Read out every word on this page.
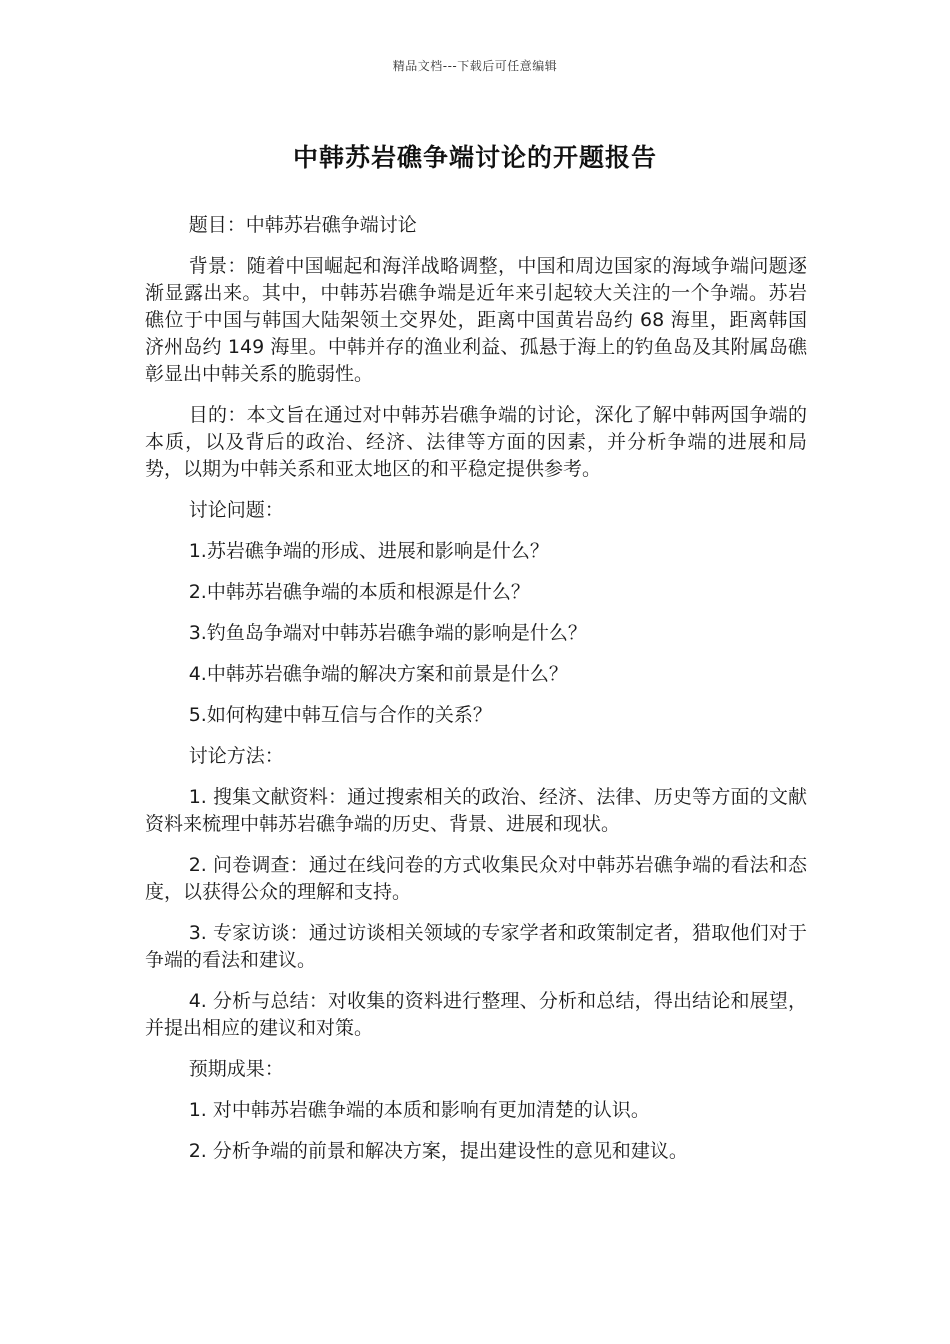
精品文档---下载后可任意编辑
中韩苏岩礁争端讨论的开题报告

题目：中韩苏岩礁争端讨论

背景：随着中国崛起和海洋战略调整，中国和周边国家的海域争端问题逐渐显露出来。其中，中韩苏岩礁争端是近年来引起较大关注的一个争端。苏岩礁位于中国与韩国大陆架领土交界处，距离中国黄岩岛约 68 海里，距离韩国济州岛约 149 海里。中韩并存的渔业利益、孤悬于海上的钓鱼岛及其附属岛礁彰显出中韩关系的脆弱性。

目的：本文旨在通过对中韩苏岩礁争端的讨论，深化了解中韩两国争端的本质，以及背后的政治、经济、法律等方面的因素，并分析争端的进展和局势，以期为中韩关系和亚太地区的和平稳定提供参考。

讨论问题：

1.苏岩礁争端的形成、进展和影响是什么？

2.中韩苏岩礁争端的本质和根源是什么？

3.钓鱼岛争端对中韩苏岩礁争端的影响是什么？

4.中韩苏岩礁争端的解决方案和前景是什么？

5.如何构建中韩互信与合作的关系？

讨论方法：

1. 搜集文献资料：通过搜索相关的政治、经济、法律、历史等方面的文献资料来梳理中韩苏岩礁争端的历史、背景、进展和现状。

2. 问卷调查：通过在线问卷的方式收集民众对中韩苏岩礁争端的看法和态度，以获得公众的理解和支持。

3. 专家访谈：通过访谈相关领域的专家学者和政策制定者，猎取他们对于争端的看法和建议。

4. 分析与总结：对收集的资料进行整理、分析和总结，得出结论和展望，并提出相应的建议和对策。

预期成果：

1. 对中韩苏岩礁争端的本质和影响有更加清楚的认识。

2. 分析争端的前景和解决方案，提出建设性的意见和建议。
